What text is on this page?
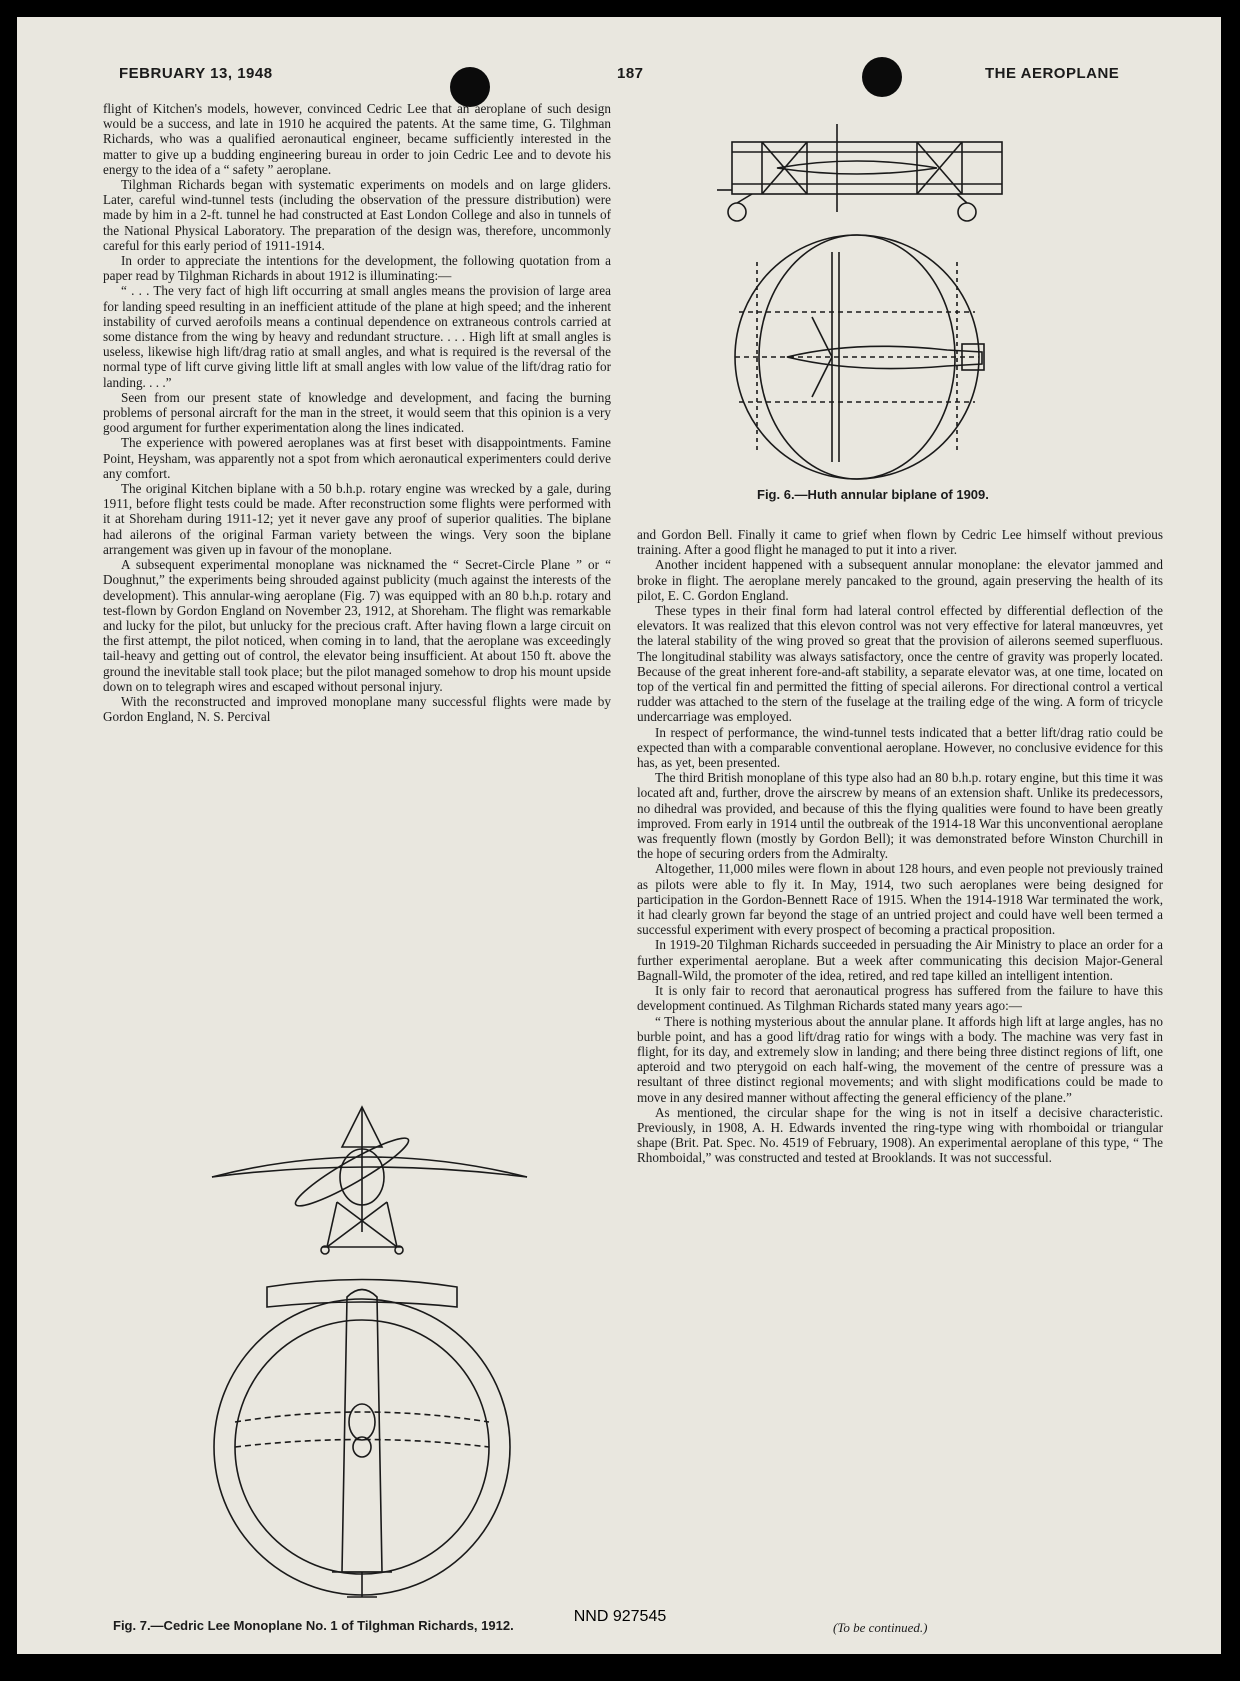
FEBRUARY 13, 1948	187	THE AEROPLANE

flight of Kitchen's models, however, convinced Cedric Lee that an aeroplane of such design would be a success, and late in 1910 he acquired the patents. At the same time, G. Tilghman Richards, who was a qualified aeronautical engineer, became sufficiently interested in the matter to give up a budding engineering bureau in order to join Cedric Lee and to devote his energy to the idea of a “ safety ” aeroplane.

Tilghman Richards began with systematic experiments on models and on large gliders. Later, careful wind-tunnel tests (including the observation of the pressure distribution) were made by him in a 2-ft. tunnel he had constructed at East London College and also in tunnels of the National Physical Laboratory. The preparation of the design was, therefore, uncommonly careful for this early period of 1911-1914.

In order to appreciate the intentions for the development, the following quotation from a paper read by Tilghman Richards in about 1912 is illuminating:—

“ . . . The very fact of high lift occurring at small angles means the provision of large area for landing speed resulting in an inefficient attitude of the plane at high speed; and the inherent instability of curved aerofoils means a continual dependence on extraneous controls carried at some distance from the wing by heavy and redundant structure. . . . High lift at small angles is useless, likewise high lift/drag ratio at small angles, and what is required is the reversal of the normal type of lift curve giving little lift at small angles with low value of the lift/drag ratio for landing. . . .”

Seen from our present state of knowledge and development, and facing the burning problems of personal aircraft for the man in the street, it would seem that this opinion is a very good argument for further experimentation along the lines indicated.

The experience with powered aeroplanes was at first beset with disappointments. Famine Point, Heysham, was apparently not a spot from which aeronautical experimenters could derive any comfort.

The original Kitchen biplane with a 50 b.h.p. rotary engine was wrecked by a gale, during 1911, before flight tests could be made. After reconstruction some flights were performed with it at Shoreham during 1911-12; yet it never gave any proof of superior qualities. The biplane had ailerons of the original Farman variety between the wings. Very soon the biplane arrangement was given up in favour of the monoplane.

A subsequent experimental monoplane was nicknamed the “ Secret-Circle Plane ” or “ Doughnut,” the experiments being shrouded against publicity (much against the interests of the development). This annular-wing aeroplane (Fig. 7) was equipped with an 80 b.h.p. rotary and test-flown by Gordon England on November 23, 1912, at Shoreham. The flight was remarkable and lucky for the pilot, but unlucky for the precious craft. After having flown a large circuit on the first attempt, the pilot noticed, when coming in to land, that the aeroplane was exceedingly tail-heavy and getting out of control, the elevator being insufficient. At about 150 ft. above the ground the inevitable stall took place; but the pilot managed somehow to drop his mount upside down on to telegraph wires and escaped without personal injury.

With the reconstructed and improved monoplane many successful flights were made by Gordon England, N. S. Percival

and Gordon Bell. Finally it came to grief when flown by Cedric Lee himself without previous training. After a good flight he managed to put it into a river.

Another incident happened with a subsequent annular monoplane: the elevator jammed and broke in flight. The aeroplane merely pancaked to the ground, again preserving the health of its pilot, E. C. Gordon England.

These types in their final form had lateral control effected by differential deflection of the elevators. It was realized that this elevon control was not very effective for lateral manœuvres, yet the lateral stability of the wing proved so great that the provision of ailerons seemed superfluous. The longitudinal stability was always satisfactory, once the centre of gravity was properly located. Because of the great inherent fore-and-aft stability, a separate elevator was, at one time, located on top of the vertical fin and permitted the fitting of special ailerons. For directional control a vertical rudder was attached to the stern of the fuselage at the trailing edge of the wing. A form of tricycle undercarriage was employed.

In respect of performance, the wind-tunnel tests indicated that a better lift/drag ratio could be expected than with a comparable conventional aeroplane. However, no conclusive evidence for this has, as yet, been presented.

The third British monoplane of this type also had an 80 b.h.p. rotary engine, but this time it was located aft and, further, drove the airscrew by means of an extension shaft. Unlike its predecessors, no dihedral was provided, and because of this the flying qualities were found to have been greatly improved. From early in 1914 until the outbreak of the 1914-18 War this unconventional aeroplane was frequently flown (mostly by Gordon Bell); it was demonstrated before Winston Churchill in the hope of securing orders from the Admiralty.

Altogether, 11,000 miles were flown in about 128 hours, and even people not previously trained as pilots were able to fly it. In May, 1914, two such aeroplanes were being designed for participation in the Gordon-Bennett Race of 1915. When the 1914-1918 War terminated the work, it had clearly grown far beyond the stage of an untried project and could have well been termed a successful experiment with every prospect of becoming a practical proposition.

In 1919-20 Tilghman Richards succeeded in persuading the Air Ministry to place an order for a further experimental aeroplane. But a week after communicating this decision Major-General Bagnall-Wild, the promoter of the idea, retired, and red tape killed an intelligent intention.

It is only fair to record that aeronautical progress has suffered from the failure to have this development continued. As Tilghman Richards stated many years ago:—

“ There is nothing mysterious about the annular plane. It affords high lift at large angles, has no burble point, and has a good lift/drag ratio for wings with a body. The machine was very fast in flight, for its day, and extremely slow in landing; and there being three distinct regions of lift, one apteroid and two pterygoid on each half-wing, the movement of the centre of pressure was a resultant of three distinct regional movements; and with slight modifications could be made to move in any desired manner without affecting the general efficiency of the plane.”

As mentioned, the circular shape for the wing is not in itself a decisive characteristic. Previously, in 1908, A. H. Edwards invented the ring-type wing with rhomboidal or triangular shape (Brit. Pat. Spec. No. 4519 of February, 1908). An experimental aeroplane of this type, “ The Rhomboidal,” was constructed and tested at Brooklands. It was not successful.

Fig. 6.—Huth annular biplane of 1909.
Fig. 7.—Cedric Lee Monoplane No. 1 of Tilghman Richards, 1912.	(To be continued.)
NND 927545
